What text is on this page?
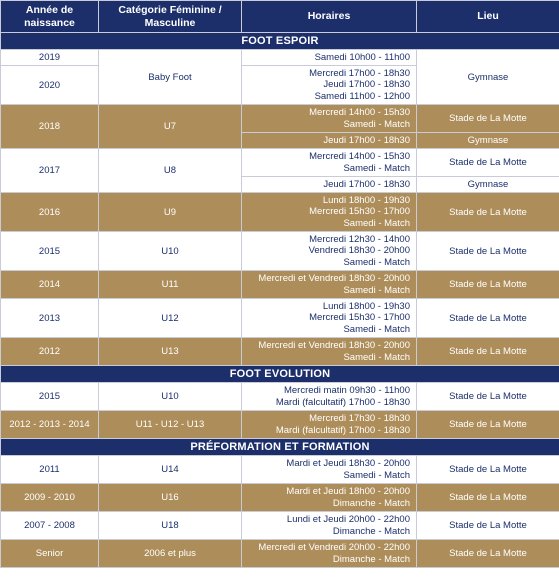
Année de naissance	Catégorie Féminine / Masculine	Horaires	Lieu
FOOT ESPOIR			
2019	Baby Foot	Samedi 10h00 - 11h00	Gymnase
2020		Mercredi 17h00 - 18h30
Jeudi 17h00 - 18h30
Samedi 11h00 - 12h00	

2018	U7	Mercredi 14h00 - 15h30
Samedi - Match	Stade de La Motte

		Jeudi 17h00 - 18h30	Gymnase
2017	U8	Mercredi 14h00 - 15h30
Samedi - Match	Stade de La Motte

		Jeudi 17h00 - 18h30	Gymnase
2016	U9	Lundi 18h00 - 19h30
Mercredi 15h30 - 17h00
Samedi - Match	Stade de La Motte
2015	U10	Mercredi 12h30 - 14h00
Vendredi 18h30 - 20h00
Samedi - Match	Stade de La Motte
2014	U11	Mercredi et Vendredi 18h30 - 20h00
Samedi - Match	Stade de La Motte
2013	U12	Lundi 18h00 - 19h30
Mercredi 15h30 - 17h00
Samedi - Match	Stade de La Motte
2012	U13	Mercredi et Vendredi 18h30 - 20h00
Samedi - Match	Stade de La Motte
FOOT EVOLUTION			
2015	U10	Mercredi matin 09h30 - 11h00
Mardi (falcultatif) 17h00 - 18h30	Stade de La Motte
2012 - 2013 - 2014	U11 - U12 - U13	Mercredi 17h30 - 18h30
Mardi (falcultatif) 17h00 - 18h30	Stade de La Motte
PRÉFORMATION ET FORMATION			
2011	U14	Mardi et Jeudi 18h30 - 20h00
Samedi - Match	Stade de La Motte
2009 - 2010	U16	Mardi et Jeudi 18h00 - 20h00
Dimanche - Match	Stade de La Motte
2007 - 2008	U18	Lundi et Jeudi 20h00 - 22h00
Dimanche - Match	Stade de La Motte
Senior	2006 et plus	Mercredi et Vendredi 20h00 - 22h00
Dimanche - Match	Stade de La Motte
